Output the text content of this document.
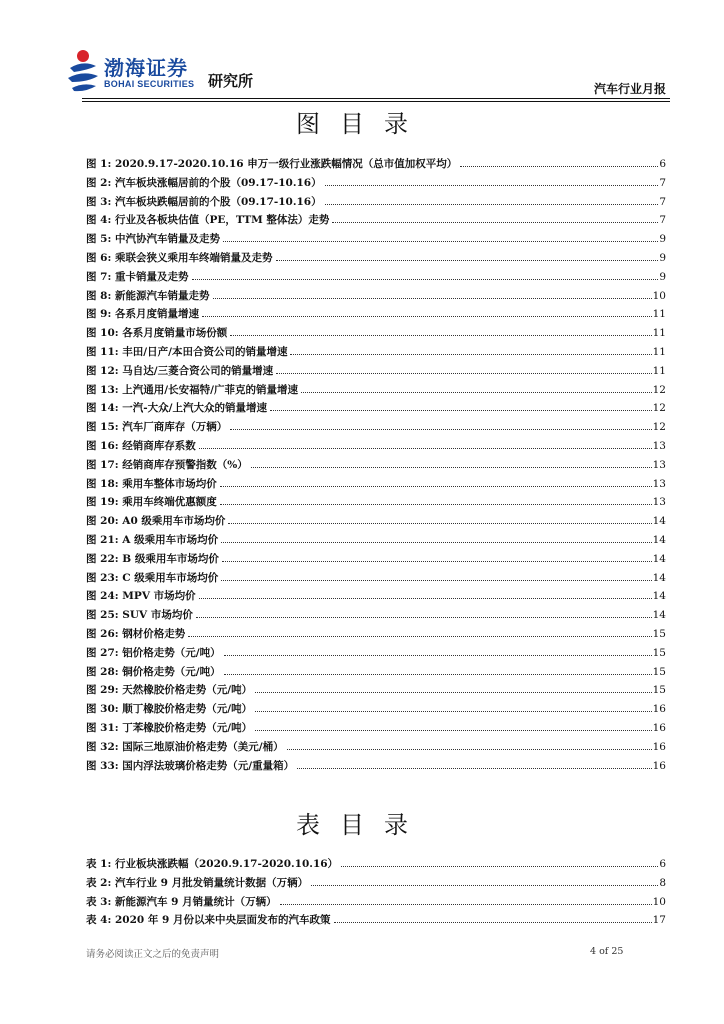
渤海证券
BOHAI SECURITIES 研究所	汽车行业月报
图目录
图 1: 2020.9.17-2020.10.16 申万一级行业涨跌幅情况（总市值加权平均）	6
图 2: 汽车板块涨幅居前的个股（09.17-10.16）	7
图 3: 汽车板块跌幅居前的个股（09.17-10.16）	7
图 4: 行业及各板块估值（PE，TTM 整体法）走势	7
图 5: 中汽协汽车销量及走势	9
图 6: 乘联会狭义乘用车终端销量及走势	9
图 7: 重卡销量及走势	9
图 8: 新能源汽车销量走势	10
图 9: 各系月度销量增速	11
图 10: 各系月度销量市场份额	11
图 11: 丰田/日产/本田合资公司的销量增速	11
图 12: 马自达/三菱合资公司的销量增速	11
图 13: 上汽通用/长安福特/广菲克的销量增速	12
图 14: 一汽-大众/上汽大众的销量增速	12
图 15: 汽车厂商库存（万辆）	12
图 16: 经销商库存系数	13
图 17: 经销商库存预警指数（%）	13
图 18: 乘用车整体市场均价	13
图 19: 乘用车终端优惠额度	13
图 20: A0 级乘用车市场均价	14
图 21: A 级乘用车市场均价	14
图 22: B 级乘用车市场均价	14
图 23: C 级乘用车市场均价	14
图 24: MPV 市场均价	14
图 25: SUV 市场均价	14
图 26: 钢材价格走势	15
图 27: 铝价格走势（元/吨）	15
图 28: 铜价格走势（元/吨）	15
图 29: 天然橡胶价格走势（元/吨）	15
图 30: 顺丁橡胶价格走势（元/吨）	16
图 31: 丁苯橡胶价格走势（元/吨）	16
图 32: 国际三地原油价格走势（美元/桶）	16
图 33: 国内浮法玻璃价格走势（元/重量箱）	16
表目录
表 1: 行业板块涨跌幅（2020.9.17-2020.10.16）	6
表 2: 汽车行业 9 月批发销量统计数据（万辆）	8
表 3: 新能源汽车 9 月销量统计（万辆）	10
表 4: 2020 年 9 月份以来中央层面发布的汽车政策	17
请务必阅读正文之后的免责声明	4 of 25
